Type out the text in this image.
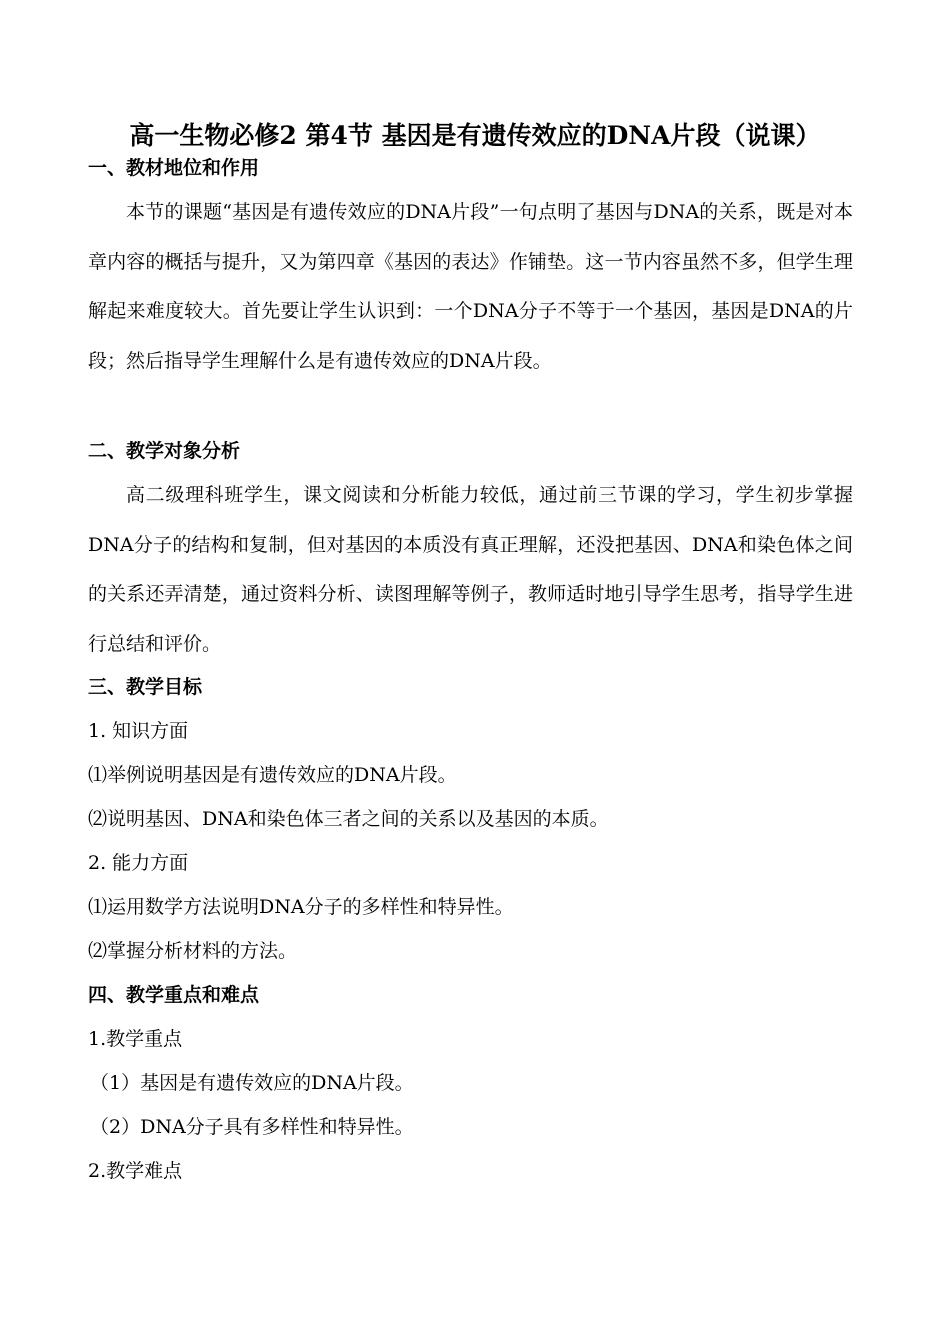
高一生物必修2 第4节 基因是有遗传效应的DNA片段（说课）
一、教材地位和作用

本节的课题“基因是有遗传效应的DNA片段”一句点明了基因与DNA的关系，既是对本章内容的概括与提升，又为第四章《基因的表达》作铺垫。这一节内容虽然不多，但学生理解起来难度较大。首先要让学生认识到：一个DNA分子不等于一个基因，基因是DNA的片段；然后指导学生理解什么是有遗传效应的DNA片段。

二、教学对象分析

高二级理科班学生，课文阅读和分析能力较低，通过前三节课的学习，学生初步掌握DNA分子的结构和复制，但对基因的本质没有真正理解，还没把基因、DNA和染色体之间的关系还弄清楚，通过资料分析、读图理解等例子，教师适时地引导学生思考，指导学生进行总结和评价。

三、教学目标
1. 知识方面
⑴举例说明基因是有遗传效应的DNA片段。
⑵说明基因、DNA和染色体三者之间的关系以及基因的本质。
2. 能力方面
⑴运用数学方法说明DNA分子的多样性和特异性。
⑵掌握分析材料的方法。
四、教学重点和难点
1.教学重点
（1）基因是有遗传效应的DNA片段。
（2）DNA分子具有多样性和特异性。
2.教学难点
